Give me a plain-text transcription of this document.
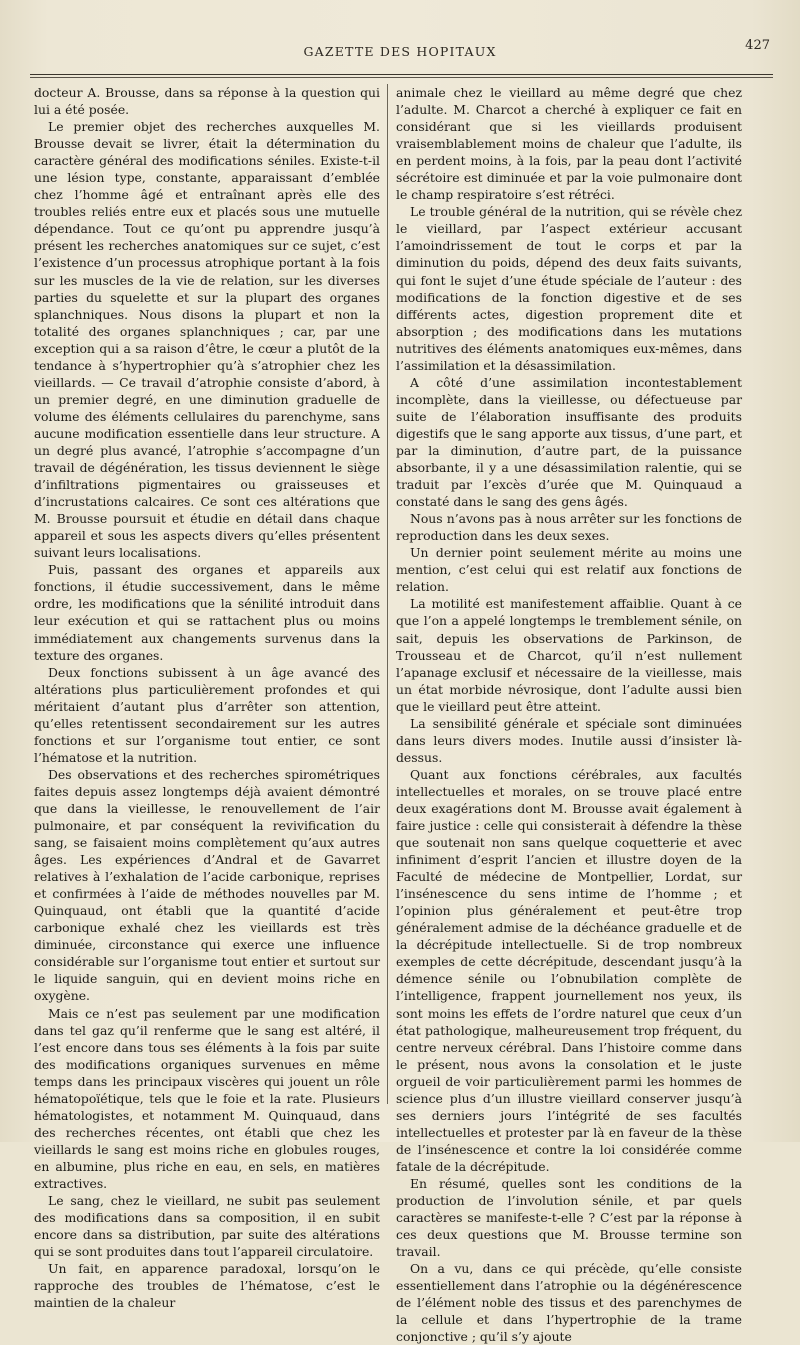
GAZETTE DES HOPITAUX	427

docteur A. Brousse, dans sa réponse à la question qui lui a été posée.

Le premier objet des recherches auxquelles M. Brousse devait se livrer, était la détermination du caractère général des modifications séniles. Existe-t-il une lésion type, constante, apparaissant d’emblée chez l’homme âgé et entraînant après elle des troubles reliés entre eux et placés sous une mutuelle dépendance. Tout ce qu’ont pu apprendre jusqu’à présent les recherches anatomiques sur ce sujet, c’est l’existence d’un processus atrophique portant à la fois sur les muscles de la vie de relation, sur les diverses parties du squelette et sur la plupart des organes splanchniques. Nous disons la plupart et non la totalité des organes splanchniques ; car, par une exception qui a sa raison d’être, le cœur a plutôt de la tendance à s’hypertrophier qu’à s’atrophier chez les vieillards. — Ce travail d’atrophie consiste d’abord, à un premier degré, en une diminution graduelle de volume des éléments cellulaires du parenchyme, sans aucune modification essentielle dans leur structure. A un degré plus avancé, l’atrophie s’accompagne d’un travail de dégénération, les tissus deviennent le siège d’infiltrations pigmentaires ou graisseuses et d’incrustations calcaires. Ce sont ces altérations que M. Brousse poursuit et étudie en détail dans chaque appareil et sous les aspects divers qu’elles présentent suivant leurs localisations.

Puis, passant des organes et appareils aux fonctions, il étudie successivement, dans le même ordre, les modifications que la sénilité introduit dans leur exécution et qui se rattachent plus ou moins immédiatement aux changements survenus dans la texture des organes.

Deux fonctions subissent à un âge avancé des altérations plus particulièrement profondes et qui méritaient d’autant plus d’arrêter son attention, qu’elles retentissent secondairement sur les autres fonctions et sur l’organisme tout entier, ce sont l’hématose et la nutrition.

Des observations et des recherches spirométriques faites depuis assez longtemps déjà avaient démontré que dans la vieillesse, le renouvellement de l’air pulmonaire, et par conséquent la revivification du sang, se faisaient moins complètement qu’aux autres âges. Les expériences d’Andral et de Gavarret relatives à l’exhalation de l’acide carbonique, reprises et confirmées à l’aide de méthodes nouvelles par M. Quinquaud, ont établi que la quantité d’acide carbonique exhalé chez les vieillards est très diminuée, circonstance qui exerce une influence considérable sur l’organisme tout entier et surtout sur le liquide sanguin, qui en devient moins riche en oxygène.

Mais ce n’est pas seulement par une modification dans tel gaz qu’il renferme que le sang est altéré, il l’est encore dans tous ses éléments à la fois par suite des modifications organiques survenues en même temps dans les principaux viscères qui jouent un rôle hématopoïétique, tels que le foie et la rate. Plusieurs hématologistes, et notamment M. Quinquaud, dans des recherches récentes, ont établi que chez les vieillards le sang est moins riche en globules rouges, en albumine, plus riche en eau, en sels, en matières extractives.

Le sang, chez le vieillard, ne subit pas seulement des modifications dans sa composition, il en subit encore dans sa distribution, par suite des altérations qui se sont produites dans tout l’appareil circulatoire.

Un fait, en apparence paradoxal, lorsqu’on le rapproche des troubles de l’hématose, c’est le maintien de la chaleur

animale chez le vieillard au même degré que chez l’adulte. M. Charcot a cherché à expliquer ce fait en considérant que si les vieillards produisent vraisemblablement moins de chaleur que l’adulte, ils en perdent moins, à la fois, par la peau dont l’activité sécrétoire est diminuée et par la voie pulmonaire dont le champ respiratoire s’est rétréci.

Le trouble général de la nutrition, qui se révèle chez le vieillard, par l’aspect extérieur accusant l’amoindrissement de tout le corps et par la diminution du poids, dépend des deux faits suivants, qui font le sujet d’une étude spéciale de l’auteur : des modifications de la fonction digestive et de ses différents actes, digestion proprement dite et absorption ; des modifications dans les mutations nutritives des éléments anatomiques eux-mêmes, dans l’assimilation et la désassimilation.

A côté d’une assimilation incontestablement incomplète, dans la vieillesse, ou défectueuse par suite de l’élaboration insuffisante des produits digestifs que le sang apporte aux tissus, d’une part, et par la diminution, d’autre part, de la puissance absorbante, il y a une désassimilation ralentie, qui se traduit par l’excès d’urée que M. Quinquaud a constaté dans le sang des gens âgés.

Nous n’avons pas à nous arrêter sur les fonctions de reproduction dans les deux sexes.

Un dernier point seulement mérite au moins une mention, c’est celui qui est relatif aux fonctions de relation.

La motilité est manifestement affaiblie. Quant à ce que l’on a appelé longtemps le tremblement sénile, on sait, depuis les observations de Parkinson, de Trousseau et de Charcot, qu’il n’est nullement l’apanage exclusif et nécessaire de la vieillesse, mais un état morbide névrosique, dont l’adulte aussi bien que le vieillard peut être atteint.

La sensibilité générale et spéciale sont diminuées dans leurs divers modes. Inutile aussi d’insister là-dessus.

Quant aux fonctions cérébrales, aux facultés intellectuelles et morales, on se trouve placé entre deux exagérations dont M. Brousse avait également à faire justice : celle qui consisterait à défendre la thèse que soutenait non sans quelque coquetterie et avec infiniment d’esprit l’ancien et illustre doyen de la Faculté de médecine de Montpellier, Lordat, sur l’insénescence du sens intime de l’homme ; et l’opinion plus généralement et peut-être trop généralement admise de la déchéance graduelle et de la décrépitude intellectuelle. Si de trop nombreux exemples de cette décrépitude, descendant jusqu’à la démence sénile ou l’obnubilation complète de l’intelligence, frappent journellement nos yeux, ils sont moins les effets de l’ordre naturel que ceux d’un état pathologique, malheureusement trop fréquent, du centre nerveux cérébral. Dans l’histoire comme dans le présent, nous avons la consolation et le juste orgueil de voir particulièrement parmi les hommes de science plus d’un illustre vieillard conserver jusqu’à ses derniers jours l’intégrité de ses facultés intellectuelles et protester par là en faveur de la thèse de l’insénescence et contre la loi considérée comme fatale de la décrépitude.

En résumé, quelles sont les conditions de la production de l’involution sénile, et par quels caractères se manifeste-t-elle ? C’est par la réponse à ces deux questions que M. Brousse termine son travail.

On a vu, dans ce qui précède, qu’elle consiste essentiellement dans l’atrophie ou la dégénérescence de l’élément noble des tissus et des parenchymes de la cellule et dans l’hypertrophie de la trame conjonctive ; qu’il s’y ajoute
